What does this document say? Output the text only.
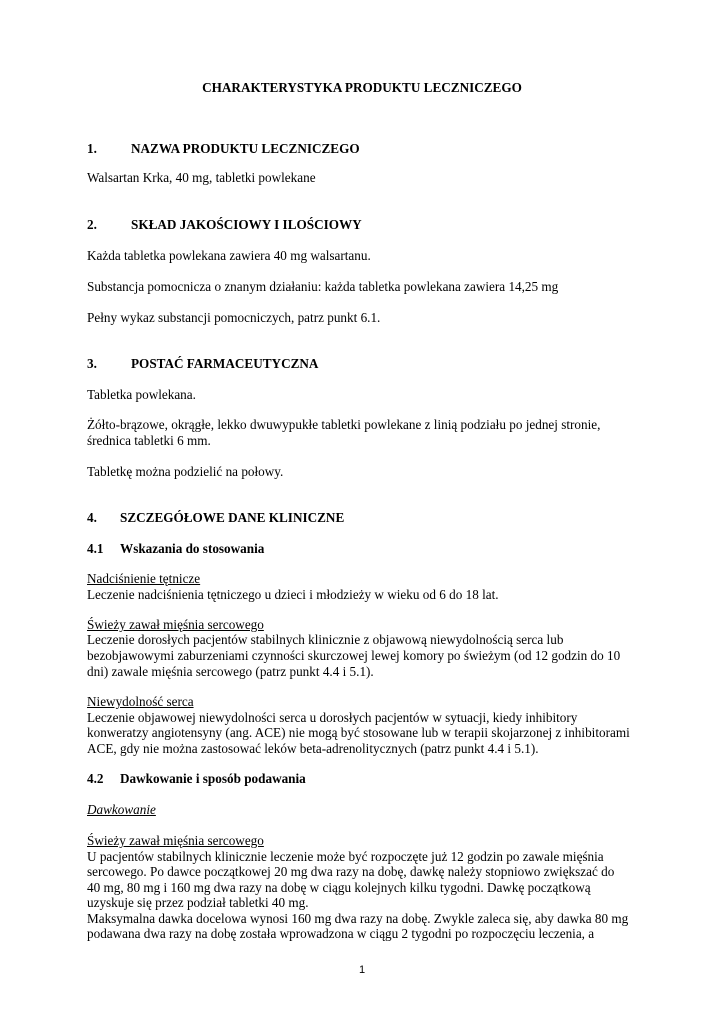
CHARAKTERYSTYKA PRODUKTU LECZNICZEGO
1.	NAZWA PRODUKTU LECZNICZEGO
Walsartan Krka, 40 mg, tabletki powlekane
2.	SKŁAD JAKOŚCIOWY I ILOŚCIOWY
Każda tabletka powlekana zawiera 40 mg walsartanu.
Substancja pomocnicza o znanym działaniu: każda tabletka powlekana zawiera 14,25 mg
Pełny wykaz substancji pomocniczych, patrz punkt 6.1.
3.	POSTAĆ FARMACEUTYCZNA
Tabletka powlekana.
Żółto-brązowe, okrągłe, lekko dwuwypukłe tabletki powlekane z linią podziału po jednej stronie,
średnica tabletki 6 mm.
Tabletkę można podzielić na połowy.
4. SZCZEGÓŁOWE DANE KLINICZNE
4.1 Wskazania do stosowania
Nadciśnienie tętnicze
Leczenie nadciśnienia tętniczego u dzieci i młodzieży w wieku od 6 do 18 lat.
Świeży zawał mięśnia sercowego
Leczenie dorosłych pacjentów stabilnych klinicznie z objawową niewydolnością serca lub
bezobjawowymi zaburzeniami czynności skurczowej lewej komory po świeżym (od 12 godzin do 10
dni) zawale mięśnia sercowego (patrz punkt 4.4 i 5.1).
Niewydolność serca
Leczenie objawowej niewydolności serca u dorosłych pacjentów w sytuacji, kiedy inhibitory
konweratzy angiotensyny (ang. ACE) nie mogą być stosowane lub w terapii skojarzonej z inhibitorami
ACE, gdy nie można zastosować leków beta-adrenolitycznych (patrz punkt 4.4 i 5.1).
4.2 Dawkowanie i sposób podawania
Dawkowanie
Świeży zawał mięśnia sercowego
U pacjentów stabilnych klinicznie leczenie może być rozpoczęte już 12 godzin po zawale mięśnia
sercowego. Po dawce początkowej 20 mg dwa razy na dobę, dawkę należy stopniowo zwiększać do
40 mg, 80 mg i 160 mg dwa razy na dobę w ciągu kolejnych kilku tygodni. Dawkę początkową
uzyskuje się przez podział tabletki 40 mg.
Maksymalna dawka docelowa wynosi 160 mg dwa razy na dobę. Zwykle zaleca się, aby dawka 80 mg
podawana dwa razy na dobę została wprowadzona w ciągu 2 tygodni po rozpoczęciu leczenia, a
1
